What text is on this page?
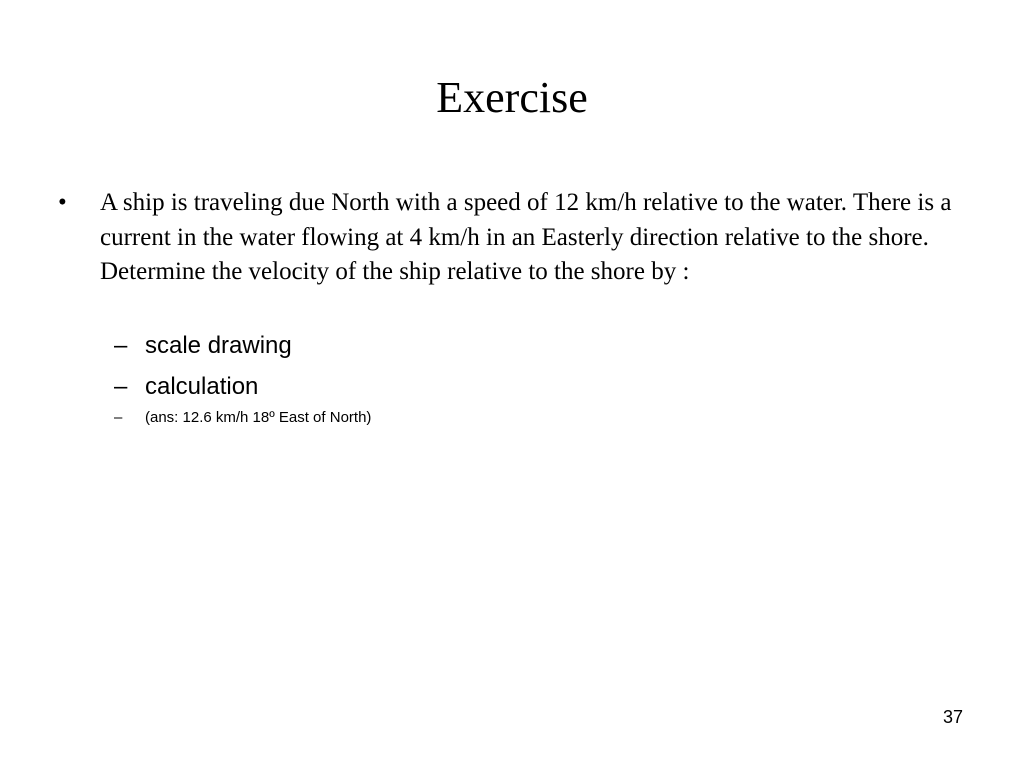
Exercise
• A ship is traveling due North with a speed of 12 km/h relative to the water. There is a current in the water flowing at 4 km/h in an Easterly direction relative to the shore. Determine the velocity of the ship relative to the shore by :
– scale drawing
– calculation
– (ans: 12.6 km/h 18º East of North)
37
